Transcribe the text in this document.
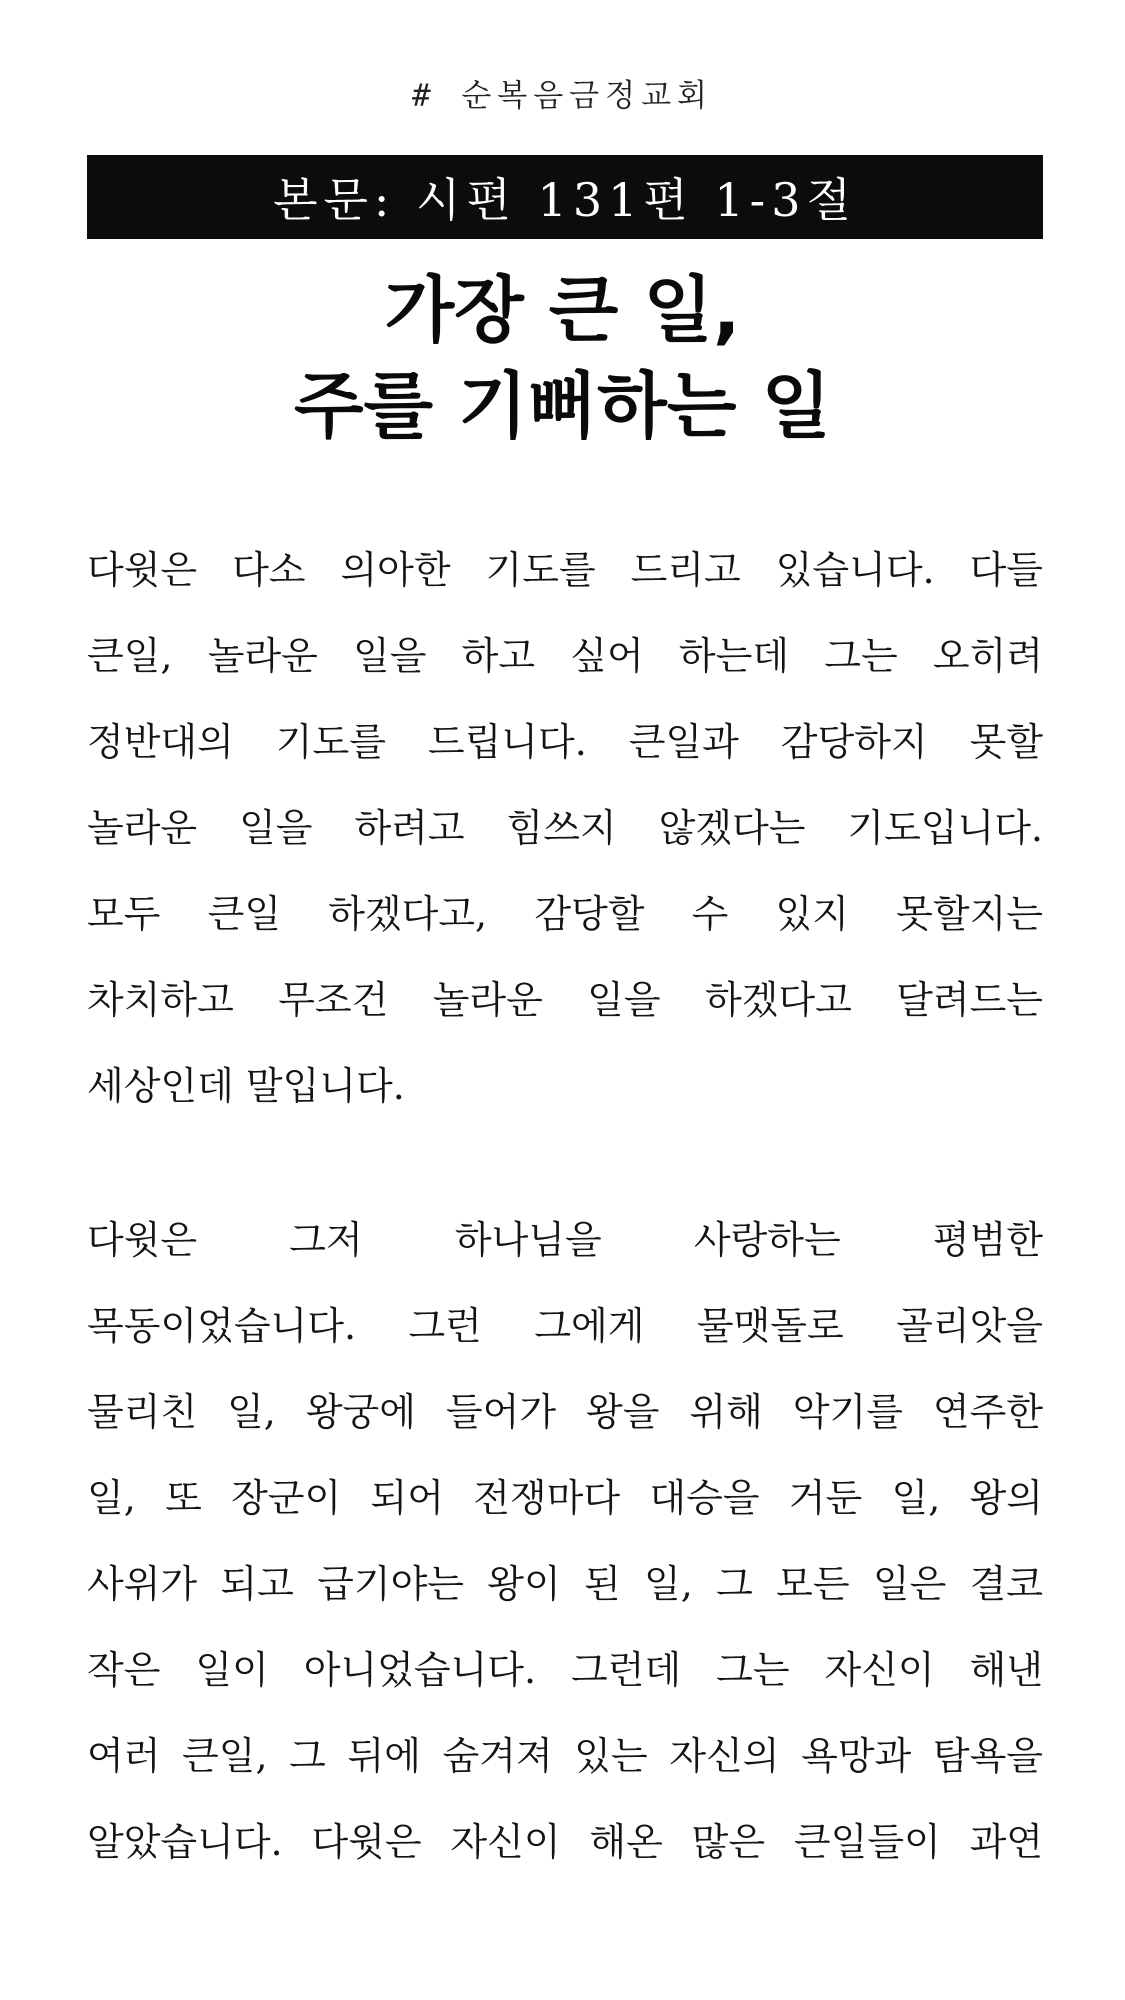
# 순복음금정교회
본문: 시편 131편 1-3절
가장 큰 일,
주를 기뻐하는 일
다윗은 다소 의아한 기도를 드리고 있습니다. 다들
큰일, 놀라운 일을 하고 싶어 하는데 그는 오히려
정반대의 기도를 드립니다. 큰일과 감당하지 못할
놀라운 일을 하려고 힘쓰지 않겠다는 기도입니다.
모두 큰일 하겠다고, 감당할 수 있지 못할지는
차치하고 무조건 놀라운 일을 하겠다고 달려드는
세상인데 말입니다.
다윗은 그저 하나님을 사랑하는 평범한
목동이었습니다. 그런 그에게 물맷돌로 골리앗을
물리친 일, 왕궁에 들어가 왕을 위해 악기를 연주한
일, 또 장군이 되어 전쟁마다 대승을 거둔 일, 왕의
사위가 되고 급기야는 왕이 된 일, 그 모든 일은 결코
작은 일이 아니었습니다. 그런데 그는 자신이 해낸
여러 큰일, 그 뒤에 숨겨져 있는 자신의 욕망과 탐욕을
알았습니다. 다윗은 자신이 해온 많은 큰일들이 과연
